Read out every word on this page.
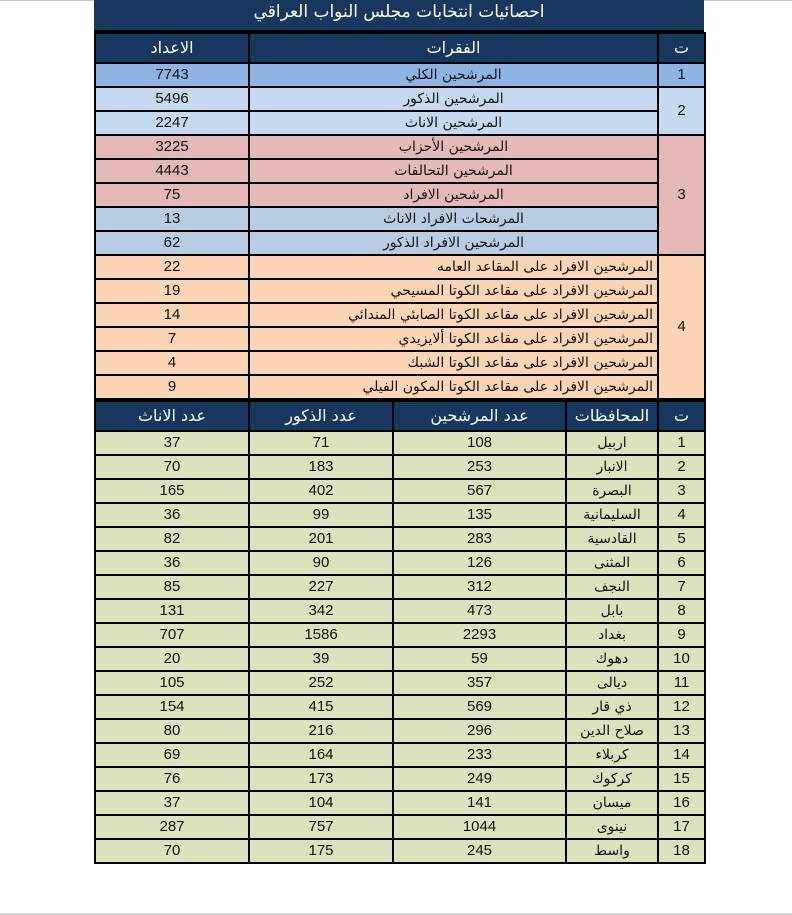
احصائيات انتخابات مجلس النواب العراقي
ت	الفقرات	الاعداد
1	المرشحين الكلي	7743
2	المرشحين الذكور	5496
	المرشحين الاناث	2247
3	المرشحين الأحزاب	3225
	المرشحين التحالفات	4443
	المرشحين الافراد	75
	المرشحات الافراد الاناث	13
	المرشحين الافراد الذكور	62
4	المرشحين الافراد على المقاعد العامه	22
	المرشحين الافراد على مقاعد الكوتا المسيحي	19
	المرشحين الافراد على مقاعد الكوتا الصابئي المندائي	14
	المرشحين الافراد على مقاعد الكوتا ألايزيدي	7
	المرشحين الافراد على مقاعد الكوتا الشبك	4
	المرشحين الافراد على مقاعد الكوتا المكون الفيلي	9
ت	المحافظات	عدد المرشحين	عدد الذكور	عدد الاناث
1	اربيل	108	71	37
2	الانبار	253	183	70
3	البصرة	567	402	165
4	السليمانية	135	99	36
5	القادسية	283	201	82
6	المثنى	126	90	36
7	النجف	312	227	85
8	بابل	473	342	131
9	بغداد	2293	1586	707
10	دهوك	59	39	20
11	ديالى	357	252	105
12	ذي قار	569	415	154
13	صلاح الدين	296	216	80
14	كربلاء	233	164	69
15	كركوك	249	173	76
16	ميسان	141	104	37
17	نينوى	1044	757	287
18	واسط	245	175	70
